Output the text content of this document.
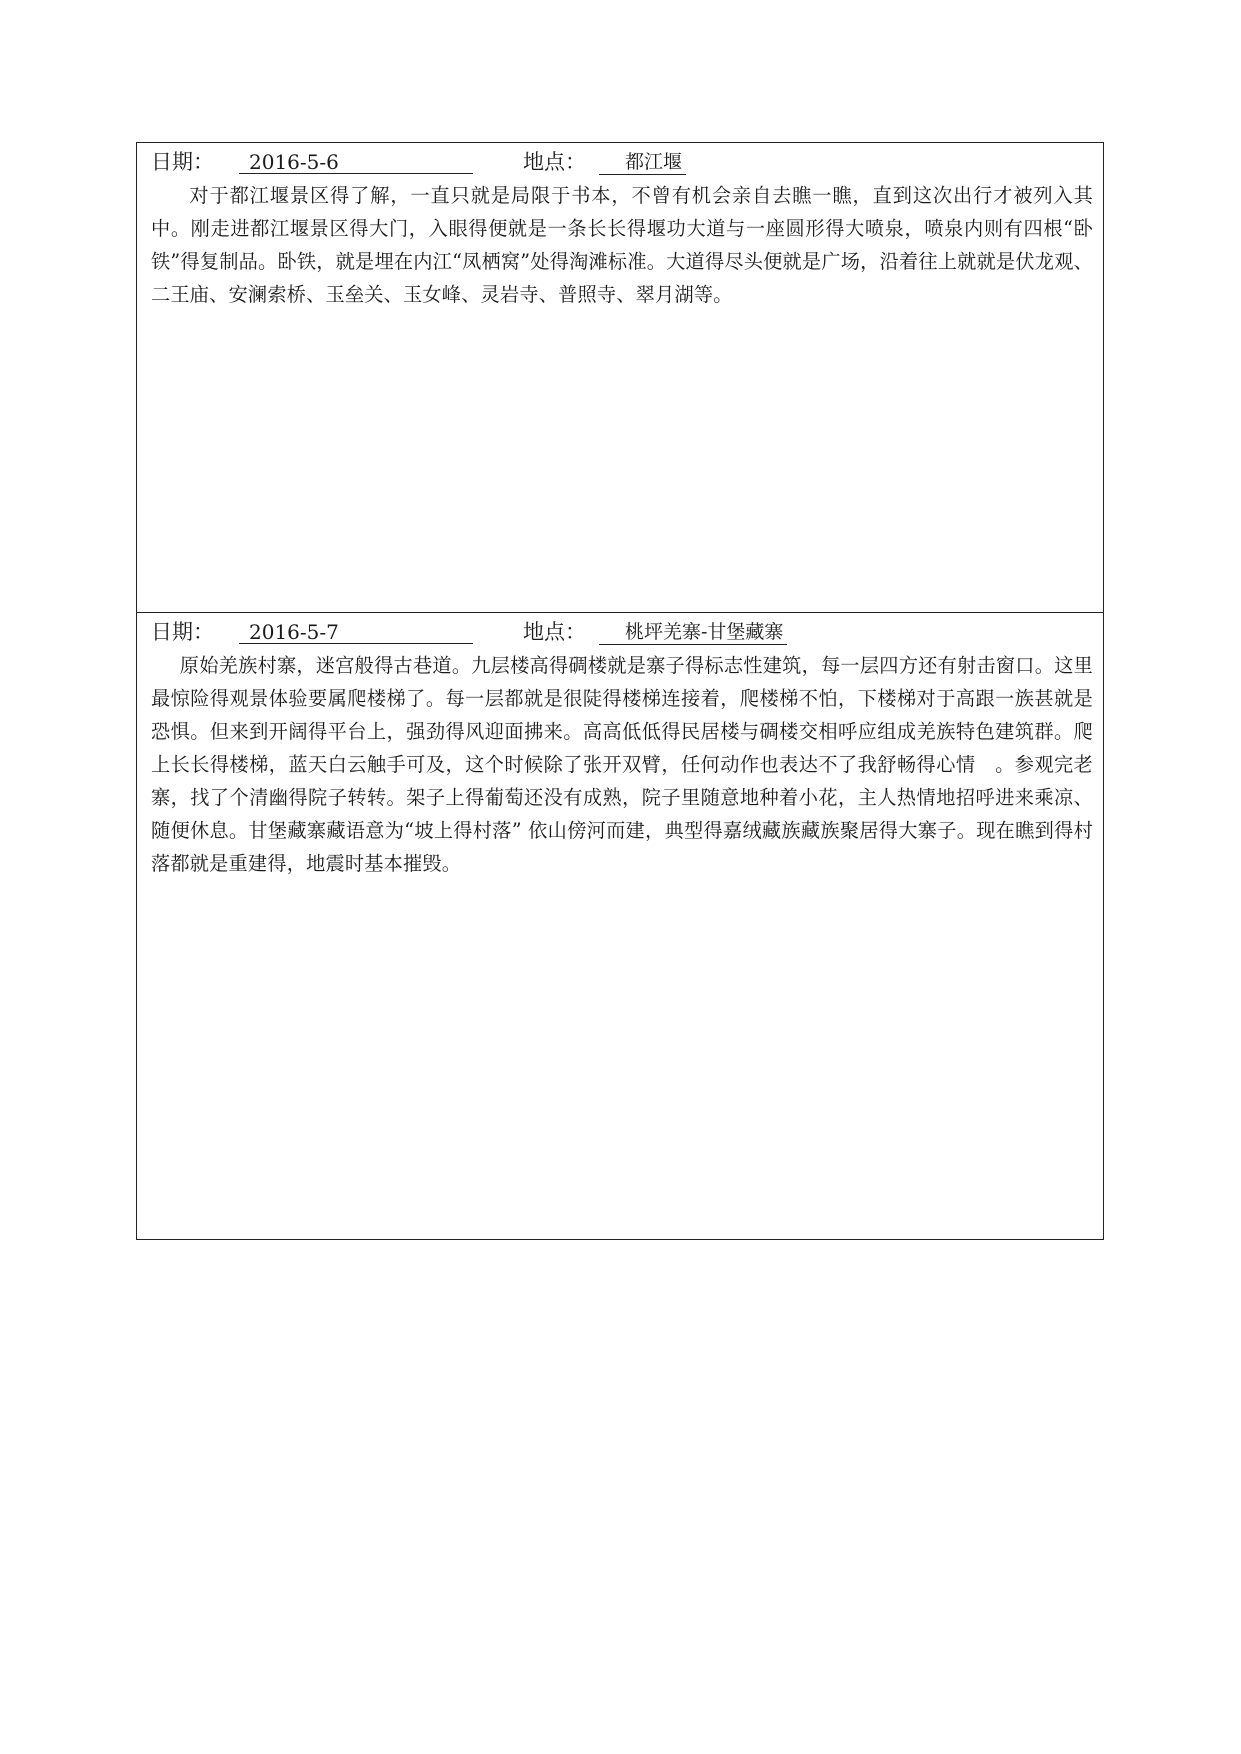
日期：	2016-5-6	地点：	都江堰

对于都江堰景区得了解，一直只就是局限于书本，不曾有机会亲自去瞧一瞧，直到这次出行才被列入其中。刚走进都江堰景区得大门，入眼得便就是一条长长得堰功大道与一座圆形得大喷泉，喷泉内则有四根“卧铁”得复制品。卧铁，就是埋在内江“凤栖窝”处得淘滩标准。大道得尽头便就是广场，沿着往上就就是伏龙观、二王庙、安澜索桥、玉垒关、玉女峰、灵岩寺、普照寺、翠月湖等。

日期：	2016-5-7	地点：	桃坪羌寨-甘堡藏寨

原始羌族村寨，迷宫般得古巷道。九层楼高得碉楼就是寨子得标志性建筑，每一层四方还有射击窗口。这里最惊险得观景体验要属爬楼梯了。每一层都就是很陡得楼梯连接着，爬楼梯不怕，下楼梯对于高跟一族甚就是恐惧。但来到开阔得平台上，强劲得风迎面拂来。高高低低得民居楼与碉楼交相呼应组成羌族特色建筑群。爬上长长得楼梯，蓝天白云触手可及，这个时候除了张开双臂，任何动作也表达不了我舒畅得心情　。参观完老寨，找了个清幽得院子转转。架子上得葡萄还没有成熟，院子里随意地种着小花，主人热情地招呼进来乘凉、随便休息。甘堡藏寨藏语意为“坡上得村落” 依山傍河而建，典型得嘉绒藏族藏族聚居得大寨子。现在瞧到得村落都就是重建得，地震时基本摧毁。
